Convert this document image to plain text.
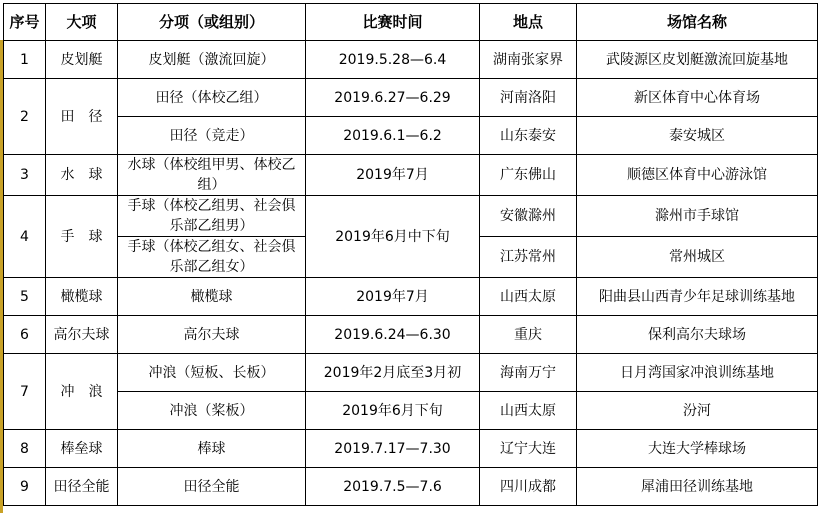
序号	大项	分项（或组别）	比赛时间	地点	场馆名称
1	皮划艇	皮划艇（激流回旋）	2019.5.28—6.4	湖南张家界	武陵源区皮划艇激流回旋基地
2	田　径	田径（体校乙组）	2019.6.27—6.29	河南洛阳	新区体育中心体育场
		田径（竞走）	2019.6.1—6.2	山东泰安	泰安城区
3	水　球	水球（体校组甲男、体校乙组）	2019年7月	广东佛山	顺德区体育中心游泳馆
4	手　球	手球（体校乙组男、社会俱乐部乙组男）	2019年6月中下旬	安徽滁州	滁州市手球馆
		手球（体校乙组女、社会俱乐部乙组女）		江苏常州	常州城区
5	橄榄球	橄榄球	2019年7月	山西太原	阳曲县山西青少年足球训练基地
6	高尔夫球	高尔夫球	2019.6.24—6.30	重庆	保利高尔夫球场
7	冲　浪	冲浪（短板、长板）	2019年2月底至3月初	海南万宁	日月湾国家冲浪训练基地
		冲浪（桨板）	2019年6月下旬	山西太原	汾河
8	棒垒球	棒球	2019.7.17—7.30	辽宁大连	大连大学棒球场
9	田径全能	田径全能	2019.7.5—7.6	四川成都	犀浦田径训练基地
